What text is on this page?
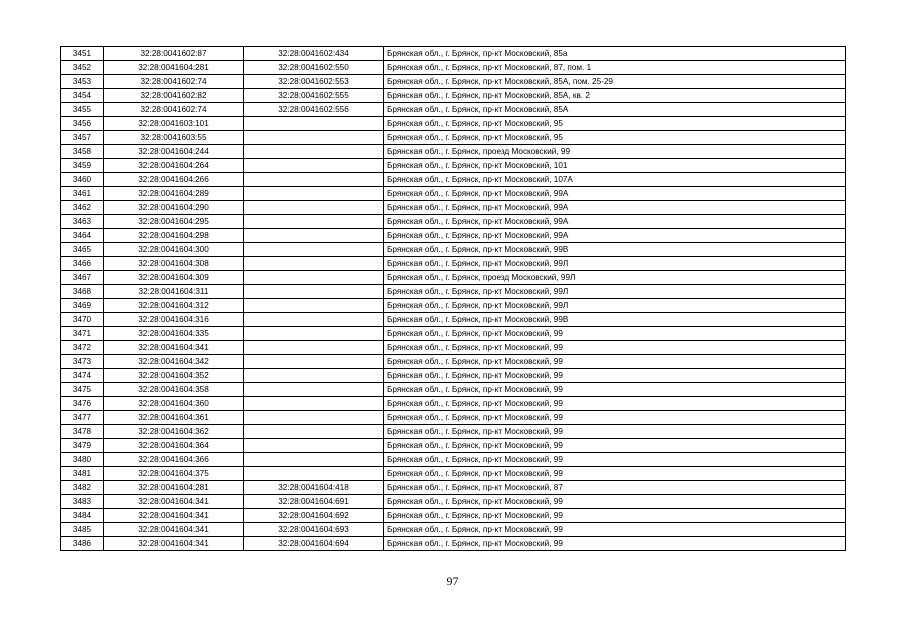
3451	32:28:0041602:87	32:28:0041602:434	Брянская обл., г. Брянск, пр-кт Московский, 85а
3452	32:28:0041604:281	32:28:0041602:550	Брянская обл., г. Брянск, пр-кт Московский, 87, пом. 1
3453	32:28:0041602:74	32:28:0041602:553	Брянская обл., г. Брянск, пр-кт Московский, 85А, пом. 25-29
3454	32:28:0041602:82	32:28:0041602:555	Брянская обл., г. Брянск, пр-кт Московский, 85А, кв. 2
3455	32:28:0041602:74	32:28:0041602:556	Брянская обл., г. Брянск, пр-кт Московский, 85А
3456	32:28:0041603:101		Брянская обл., г. Брянск, пр-кт Московский, 95
3457	32:28:0041603:55		Брянская обл., г. Брянск, пр-кт Московский, 95
3458	32:28:0041604:244		Брянская обл., г. Брянск, проезд Московский, 99
3459	32:28:0041604:264		Брянская обл., г. Брянск, пр-кт Московский, 101
3460	32:28:0041604:266		Брянская обл., г. Брянск, пр-кт Московский, 107А
3461	32:28:0041604:289		Брянская обл., г. Брянск, пр-кт Московский, 99А
3462	32:28:0041604:290		Брянская обл., г. Брянск, пр-кт Московский, 99А
3463	32:28:0041604:295		Брянская обл., г. Брянск, пр-кт Московский, 99А
3464	32:28:0041604:298		Брянская обл., г. Брянск, пр-кт Московский, 99А
3465	32:28:0041604:300		Брянская обл., г. Брянск, пр-кт Московский, 99В
3466	32:28:0041604:308		Брянская обл., г. Брянск, пр-кт Московский, 99Л
3467	32:28:0041604:309		Брянская обл., г. Брянск, проезд Московский, 99Л
3468	32:28:0041604:311		Брянская обл., г. Брянск, пр-кт Московский, 99Л
3469	32:28:0041604:312		Брянская обл., г. Брянск, пр-кт Московский, 99Л
3470	32:28:0041604:316		Брянская обл., г. Брянск, пр-кт Московский, 99В
3471	32:28:0041604:335		Брянская обл., г. Брянск, пр-кт Московский, 99
3472	32:28:0041604:341		Брянская обл., г. Брянск, пр-кт Московский, 99
3473	32:28:0041604:342		Брянская обл., г. Брянск, пр-кт Московский, 99
3474	32:28:0041604:352		Брянская обл., г. Брянск, пр-кт Московский, 99
3475	32:28:0041604:358		Брянская обл., г. Брянск, пр-кт Московский, 99
3476	32:28:0041604:360		Брянская обл., г. Брянск, пр-кт Московский, 99
3477	32:28:0041604:361		Брянская обл., г. Брянск, пр-кт Московский, 99
3478	32:28:0041604:362		Брянская обл., г. Брянск, пр-кт Московский, 99
3479	32:28:0041604:364		Брянская обл., г. Брянск, пр-кт Московский, 99
3480	32:28:0041604:366		Брянская обл., г. Брянск, пр-кт Московский, 99
3481	32:28:0041604:375		Брянская обл., г. Брянск, пр-кт Московский, 99
3482	32:28:0041604:281	32:28:0041604:418	Брянская обл., г. Брянск, пр-кт Московский, 87
3483	32:28:0041604:341	32:28:0041604:691	Брянская обл., г. Брянск, пр-кт Московский, 99
3484	32:28:0041604:341	32:28:0041604:692	Брянская обл., г. Брянск, пр-кт Московский, 99
3485	32:28:0041604:341	32:28:0041604:693	Брянская обл., г. Брянск, пр-кт Московский, 99
3486	32:28:0041604:341	32:28:0041604:694	Брянская обл., г. Брянск, пр-кт Московский, 99
97
